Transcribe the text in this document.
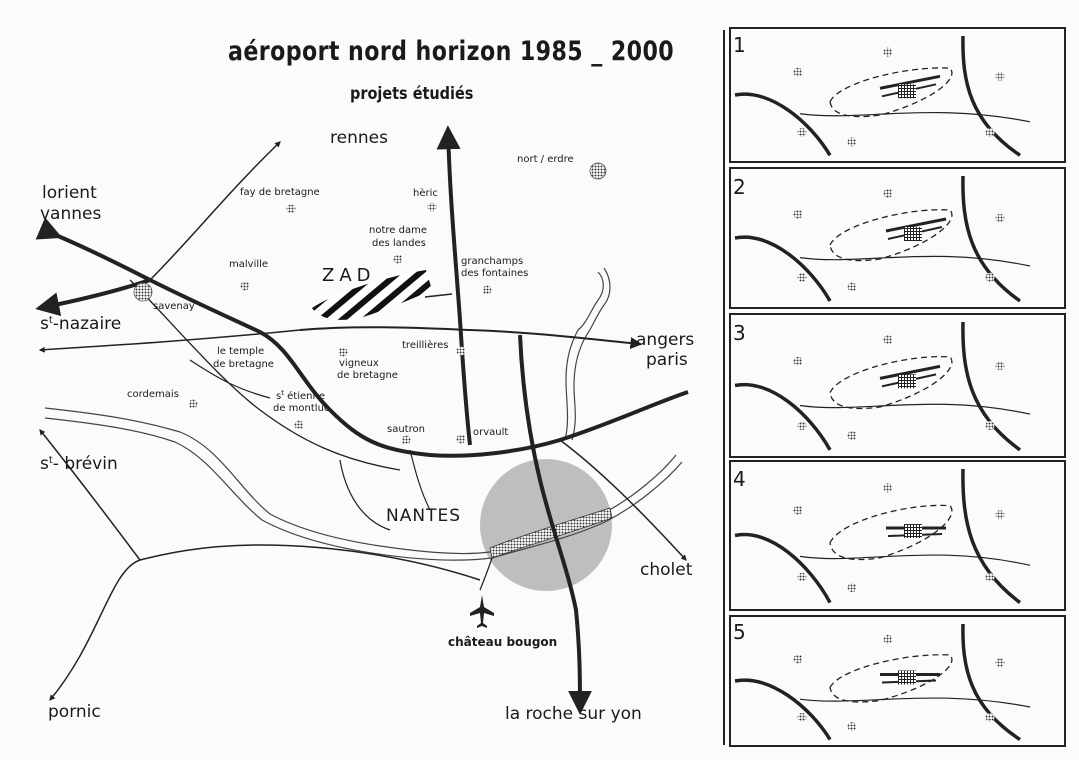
aéroport nord horizon 1985 _ 2000
projets étudiés
rennes
lorient
vannes
$s^t$-nazaire
angers
paris
$s^t-$ brévin
cholet
pornic	la roche sur yon
NANTES
ZAD
nort / erdre
fay de bretagne	hèric
notre dame
des landes
malville	granchamps
des fontaines
savenay
le temple
de bretagne	vigneux
de bretagne
treillières
cordemais	$s^t$ étienne
de montluc
sautron	orvault
château bougon
1
2
3
4
5
